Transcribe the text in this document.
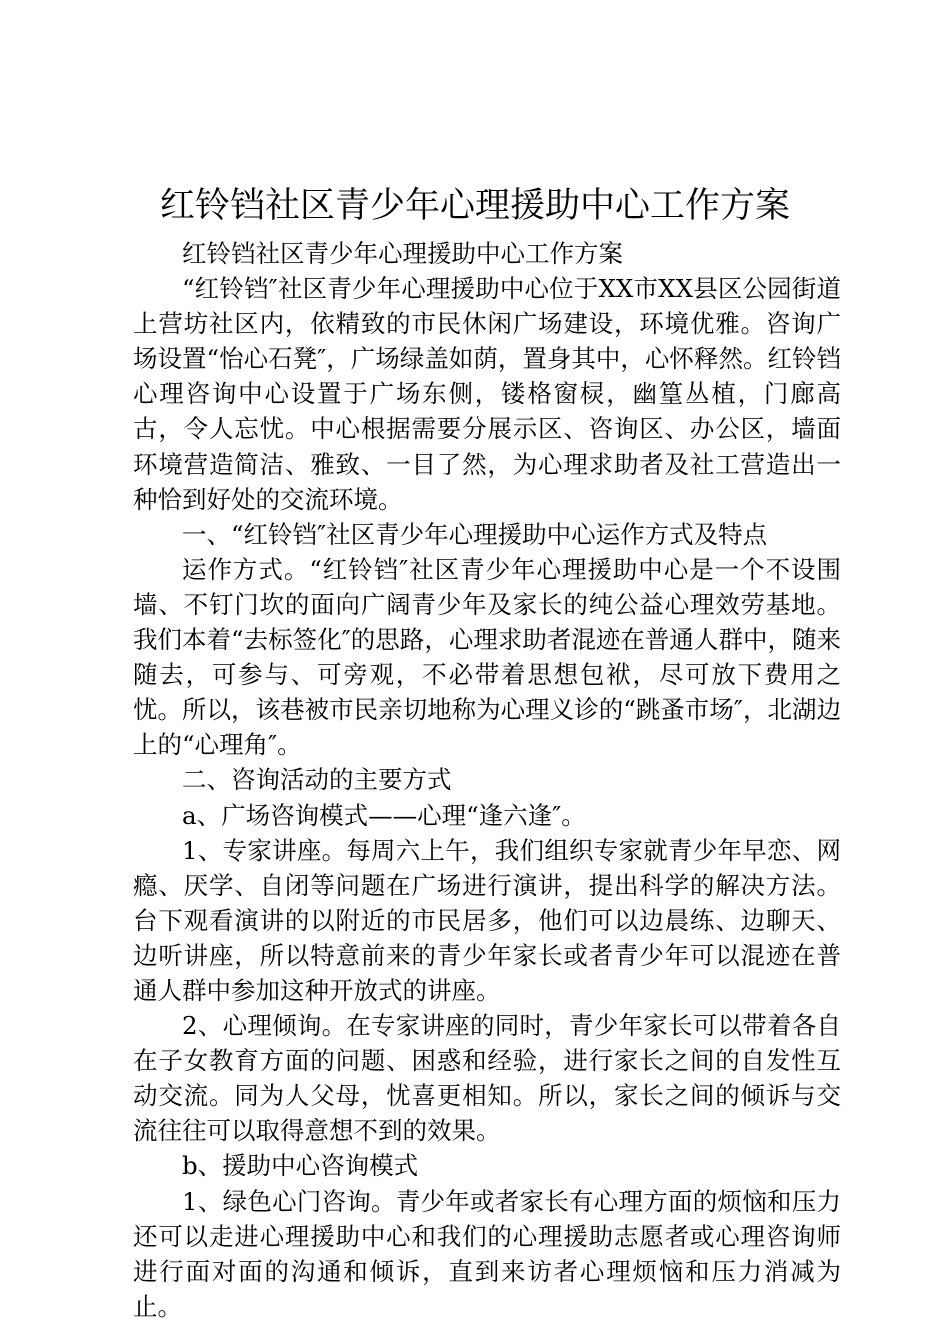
红铃铛社区青少年心理援助中心工作方案

红铃铛社区青少年心理援助中心工作方案

“红铃铛″社区青少年心理援助中心位于XX市XX县区公园街道上营坊社区内，依精致的市民休闲广场建设，环境优雅。咨询广场设置“怡心石凳″，广场绿盖如荫，置身其中，心怀释然。红铃铛心理咨询中心设置于广场东侧，镂格窗棂，幽篁丛植，门廊高古，令人忘忧。中心根据需要分展示区、咨询区、办公区，墙面环境营造简洁、雅致、一目了然，为心理求助者及社工营造出一种恰到好处的交流环境。

一、“红铃铛″社区青少年心理援助中心运作方式及特点

运作方式。“红铃铛″社区青少年心理援助中心是一个不设围墙、不钉门坎的面向广阔青少年及家长的纯公益心理效劳基地。我们本着“去标签化″的思路，心理求助者混迹在普通人群中，随来随去，可参与、可旁观，不必带着思想包袱，尽可放下费用之忧。所以，该巷被市民亲切地称为心理义诊的“跳蚤市场″，北湖边上的“心理角″。

二、咨询活动的主要方式

a、广场咨询模式——心理“逢六逢″。

1、专家讲座。每周六上午，我们组织专家就青少年早恋、网瘾、厌学、自闭等问题在广场进行演讲，提出科学的解决方法。台下观看演讲的以附近的市民居多，他们可以边晨练、边聊天、边听讲座，所以特意前来的青少年家长或者青少年可以混迹在普通人群中参加这种开放式的讲座。

2、心理倾询。在专家讲座的同时，青少年家长可以带着各自在子女教育方面的问题、困惑和经验，进行家长之间的自发性互动交流。同为人父母，忧喜更相知。所以，家长之间的倾诉与交流往往可以取得意想不到的效果。

b、援助中心咨询模式

1、绿色心门咨询。青少年或者家长有心理方面的烦恼和压力还可以走进心理援助中心和我们的心理援助志愿者或心理咨询师进行面对面的沟通和倾诉，直到来访者心理烦恼和压力消减为止。
